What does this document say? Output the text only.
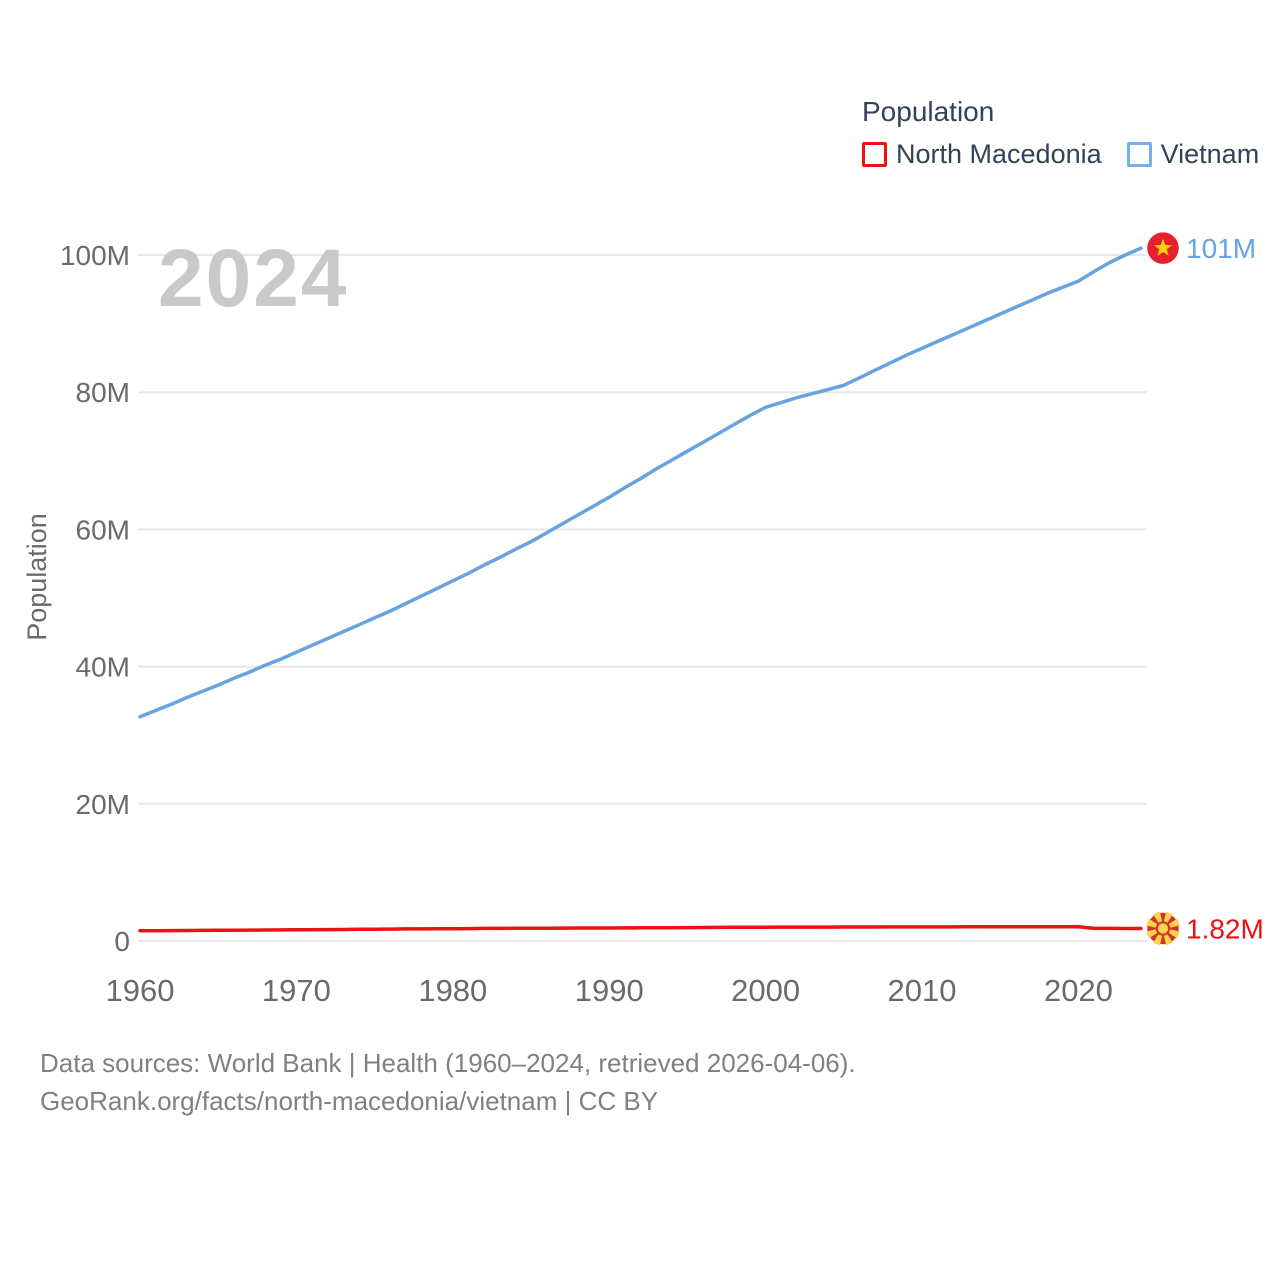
2024
0
20M
40M
60M
80M
100M
1960	1970	1980	1990	2000	2010	2020
Population
101M
1.82M
Population
North Macedonia Vietnam
Data sources: World Bank | Health (1960–2024, retrieved 2026-04-06).
GeoRank.org/facts/north-macedonia/vietnam | CC BY
